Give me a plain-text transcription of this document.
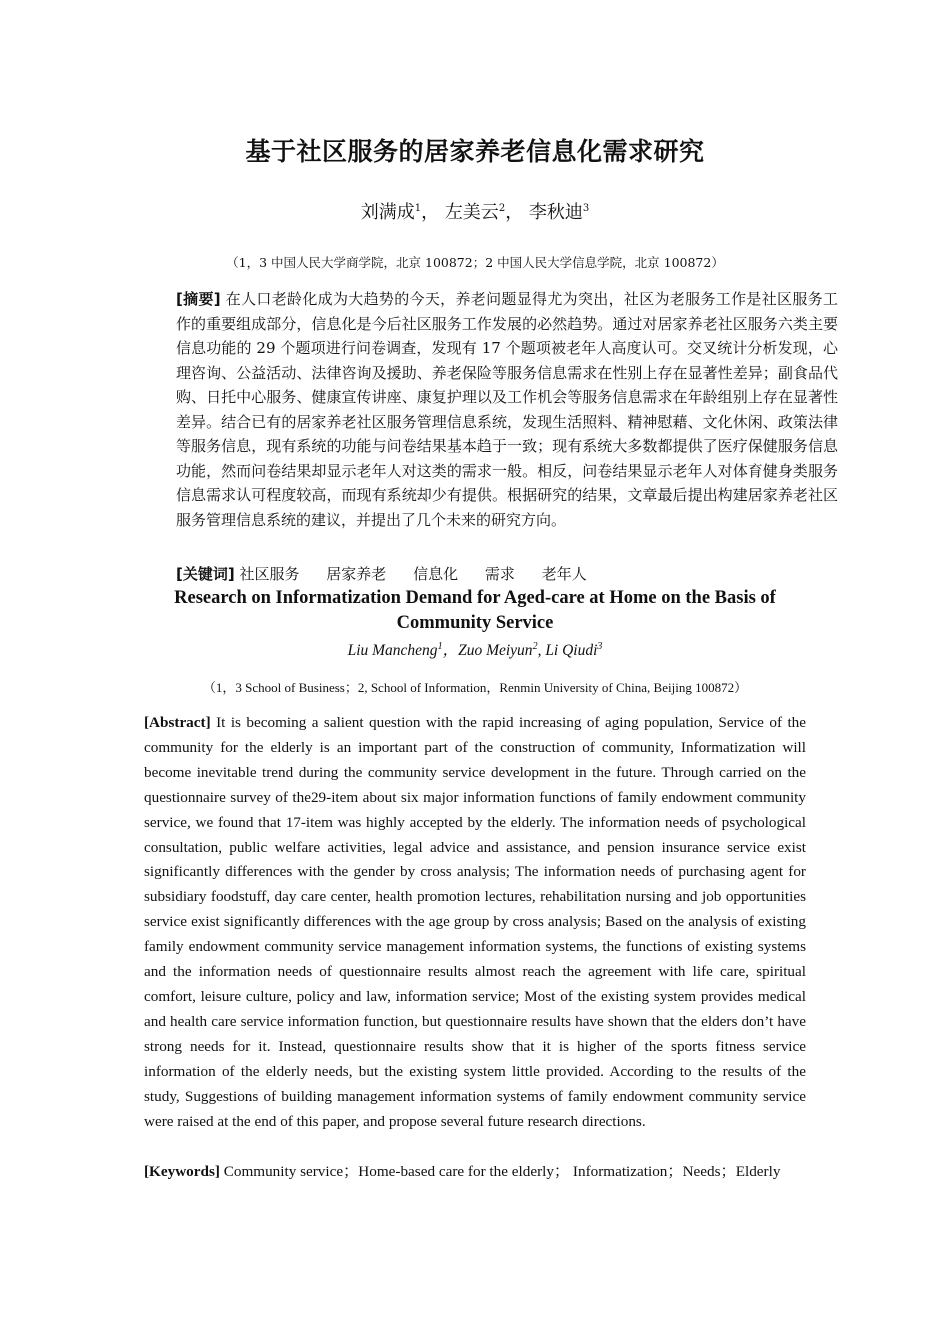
基于社区服务的居家养老信息化需求研究
刘满成$^1$， 左美云$^2$， 李秋迪$^3$
（1，3 中国人民大学商学院，北京 100872；2 中国人民大学信息学院，北京 100872）
[摘要] 在人口老龄化成为大趋势的今天，养老问题显得尤为突出，社区为老服务工作是社区服务工作的重要组成部分，信息化是今后社区服务工作发展的必然趋势。通过对居家养老社区服务六类主要信息功能的 29 个题项进行问卷调查，发现有 17 个题项被老年人高度认可。交叉统计分析发现，心理咨询、公益活动、法律咨询及援助、养老保险等服务信息需求在性别上存在显著性差异；副食品代购、日托中心服务、健康宣传讲座、康复护理以及工作机会等服务信息需求在年龄组别上存在显著性差异。结合已有的居家养老社区服务管理信息系统，发现生活照料、精神慰藉、文化休闲、政策法律等服务信息，现有系统的功能与问卷结果基本趋于一致；现有系统大多数都提供了医疗保健服务信息功能，然而问卷结果却显示老年人对这类的需求一般。相反，问卷结果显示老年人对体育健身类服务信息需求认可程度较高，而现有系统却少有提供。根据研究的结果，文章最后提出构建居家养老社区服务管理信息系统的建议，并提出了几个未来的研究方向。
[关键词] 社区服务 居家养老 信息化 需求 老年人
Research on Informatization Demand for Aged-care at Home on the Basis of Community Service
Liu Mancheng$^1$，Zuo Meiyun$^2$, Li Qiudi$^3$
（1，3 School of Business；2, School of Information，Renmin University of China, Beijing 100872）
[Abstract] It is becoming a salient question with the rapid increasing of aging population, Service of the community for the elderly is an important part of the construction of community, Informatization will become inevitable trend during the community service development in the future. Through carried on the questionnaire survey of the29-item about six major information functions of family endowment community service, we found that 17-item was highly accepted by the elderly. The information needs of psychological consultation, public welfare activities, legal advice and assistance, and pension insurance service exist significantly differences with the gender by cross analysis; The information needs of purchasing agent for subsidiary foodstuff, day care center, health promotion lectures, rehabilitation nursing and job opportunities service exist significantly differences with the age group by cross analysis; Based on the analysis of existing family endowment community service management information systems, the functions of existing systems and the information needs of questionnaire results almost reach the agreement with life care, spiritual comfort, leisure culture, policy and law, information service; Most of the existing system provides medical and health care service information function, but questionnaire results have shown that the elders don’t have strong needs for it. Instead, questionnaire results show that it is higher of the sports fitness service information of the elderly needs, but the existing system little provided. According to the results of the study, Suggestions of building management information systems of family endowment community service were raised at the end of this paper, and propose several future research directions.
[Keywords] Community service；Home-based care for the elderly； Informatization；Needs；Elderly
